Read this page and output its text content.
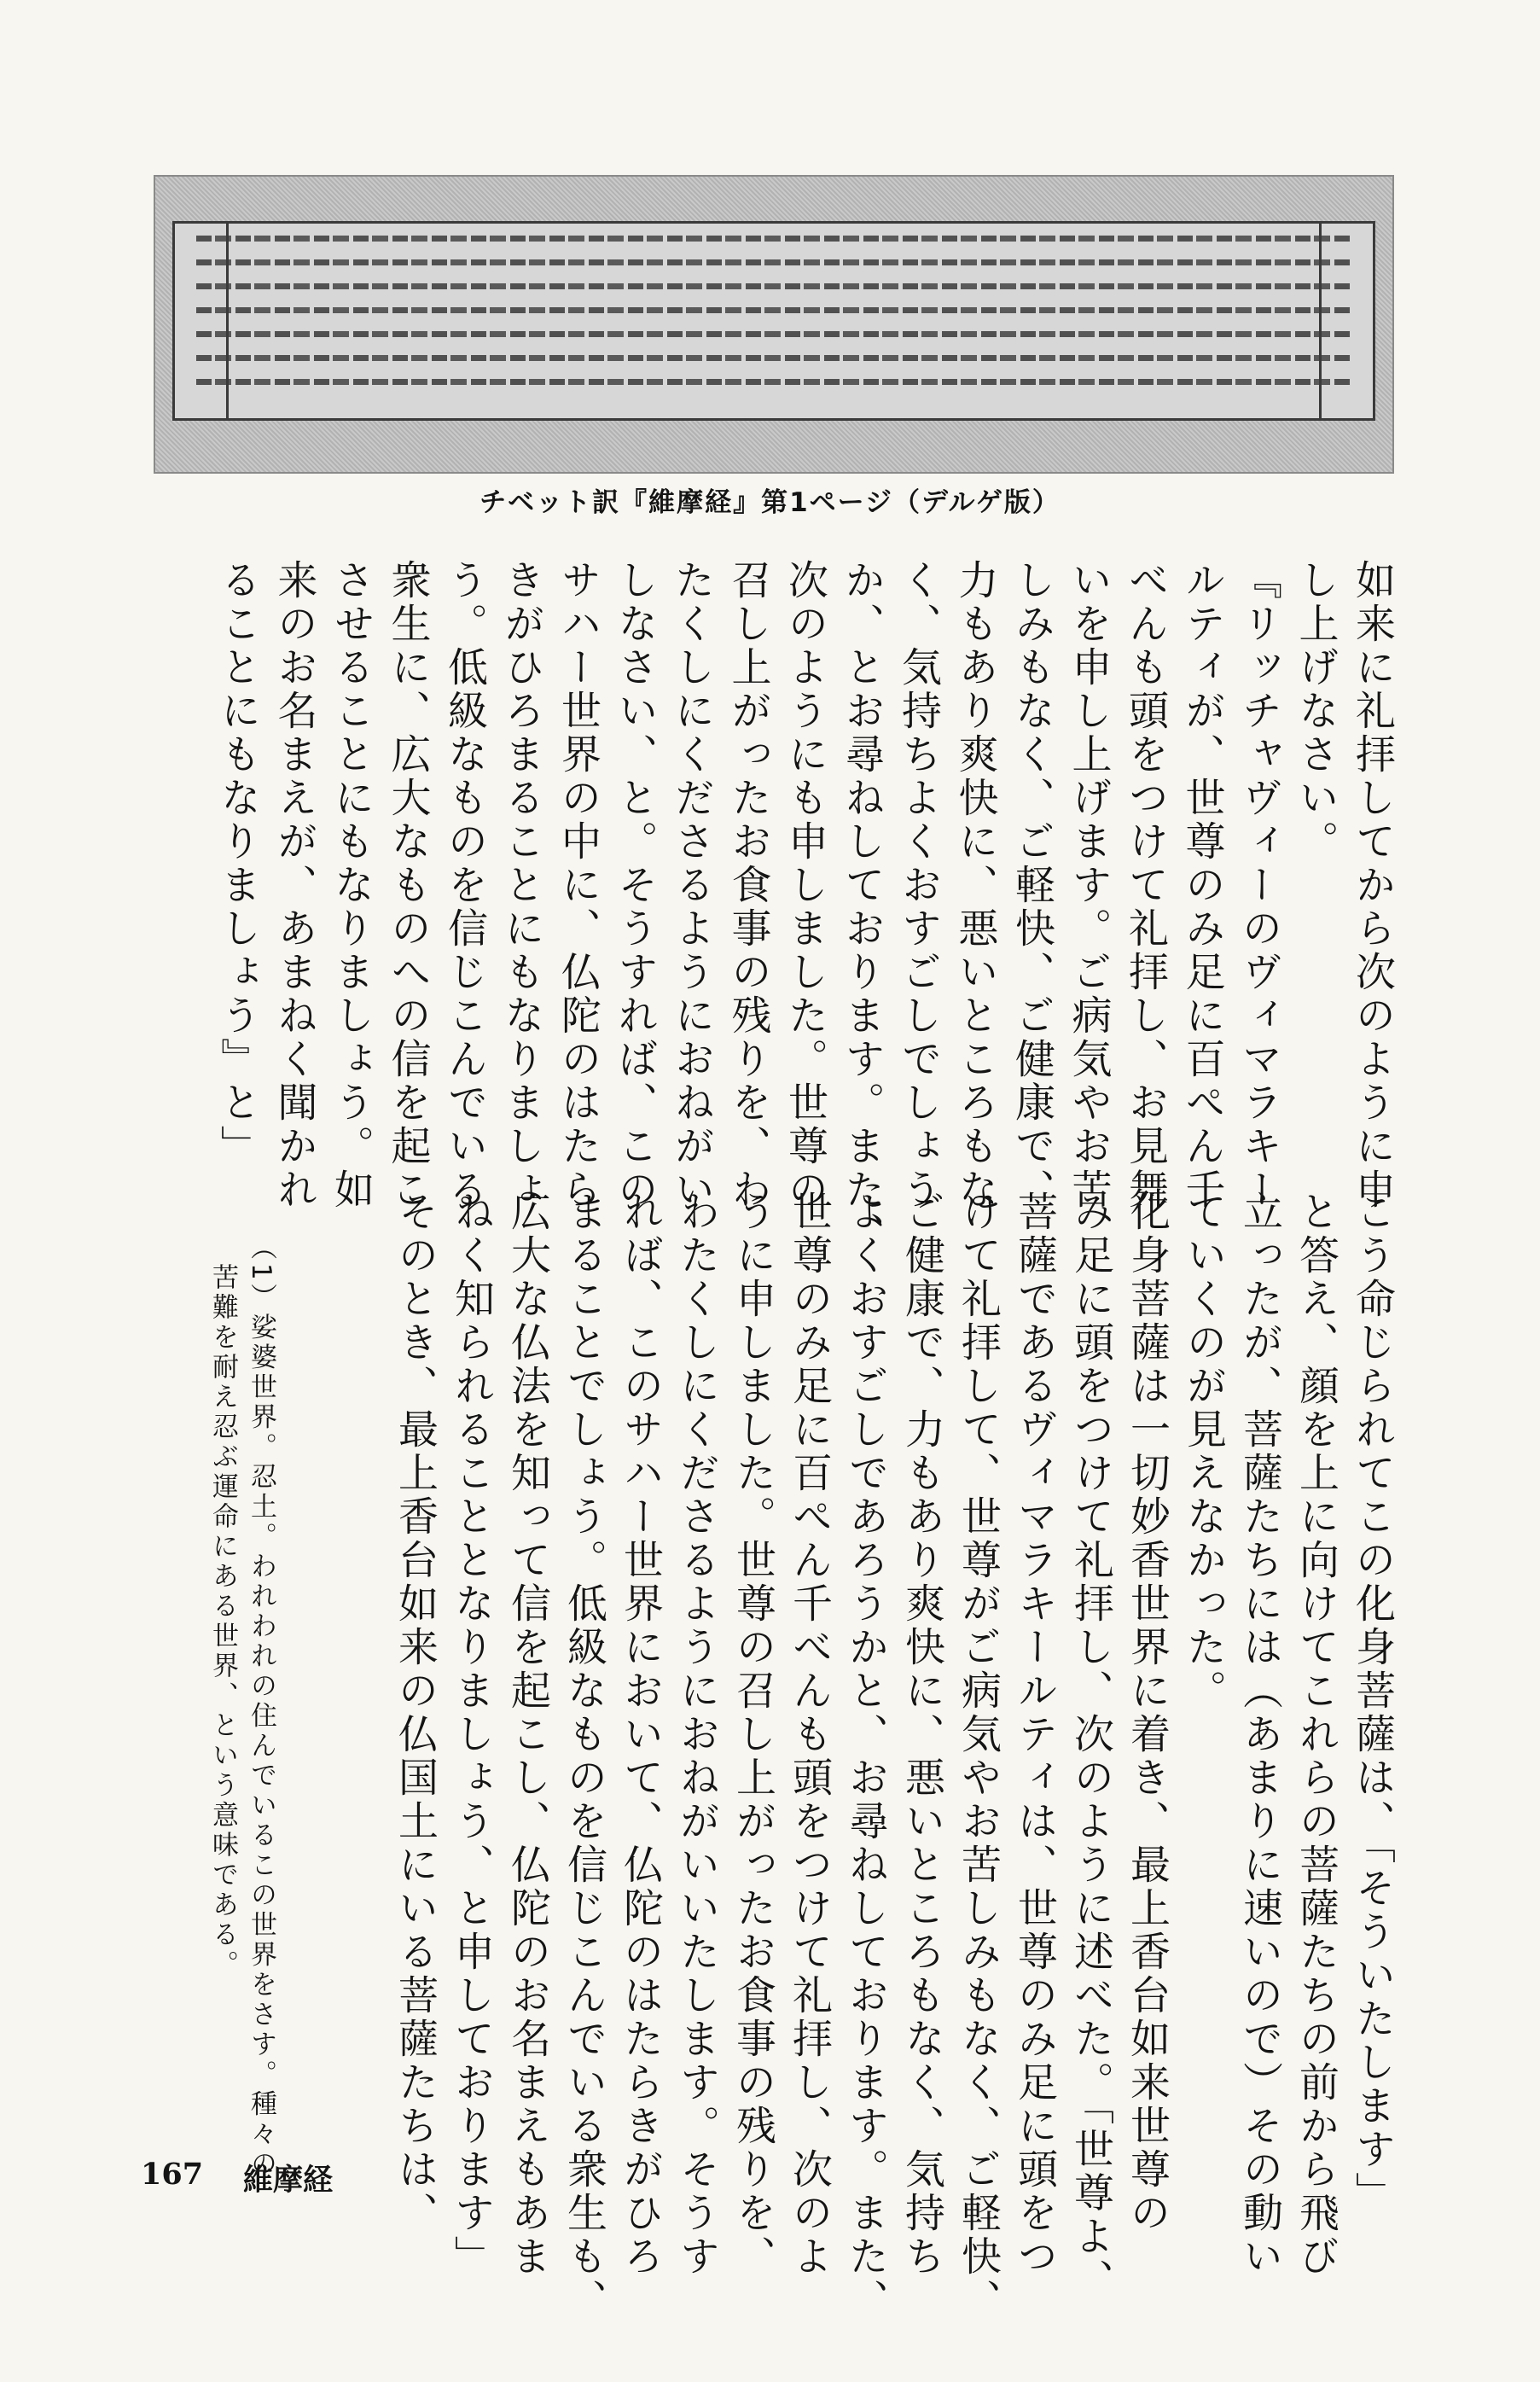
チベット訳『維摩経』第1ページ（デルゲ版）
如来に礼拝してから次のように申
し上げなさい。
『リッチャヴィーのヴィマラキー
ルティが、世尊のみ足に百ぺん千
べんも頭をつけて礼拝し、お見舞
いを申し上げます。ご病気やお苦
しみもなく、ご軽快、ご健康で、
力もあり爽快に、悪いところもな
く、気持ちよくおすごしでしょう
か、とお尋ねしております。また、
次のようにも申しました。世尊の
召し上がったお食事の残りを、わ
たくしにくださるようにおねがい
しなさい、と。そうすれば、この
サハー世界の中に、仏陀のはたら
きがひろまることにもなりましょ
う。低級なものを信じこんでいる
衆生に、広大なものへの信を起こ
させることにもなりましょう。如
来のお名まえが、あまねく聞かれ
ることにもなりましょう』と」
こう命じられてこの化身菩薩は、「そういたします」
と答え、顔を上に向けてこれらの菩薩たちの前から飛び
立ったが、菩薩たちには（あまりに速いので）その動い
ていくのが見えなかった。
化身菩薩は一切妙香世界に着き、最上香台如来世尊の
み足に頭をつけて礼拝し、次のように述べた。「世尊よ、
菩薩であるヴィマラキールティは、世尊のみ足に頭をつ
けて礼拝して、世尊がご病気やお苦しみもなく、ご軽快、
ご健康で、力もあり爽快に、悪いところもなく、気持ち
よくおすごしであろうかと、お尋ねしております。また、
世尊のみ足に百ぺん千べんも頭をつけて礼拝し、次のよ
うに申しました。世尊の召し上がったお食事の残りを、
わたくしにくださるようにおねがいいたします。そうす
れば、このサハー世界において、仏陀のはたらきがひろ
まることでしょう。低級なものを信じこんでいる衆生も、
広大な仏法を知って信を起こし、仏陀のお名まえもあま
ねく知られることとなりましょう、と申しております」
そのとき、最上香台如来の仏国土にいる菩薩たちは、
（1）娑婆世界。忍土。われわれの住んでいるこの世界をさす。種々の
苦難を耐え忍ぶ運命にある世界、という意味である。
167 維摩経
